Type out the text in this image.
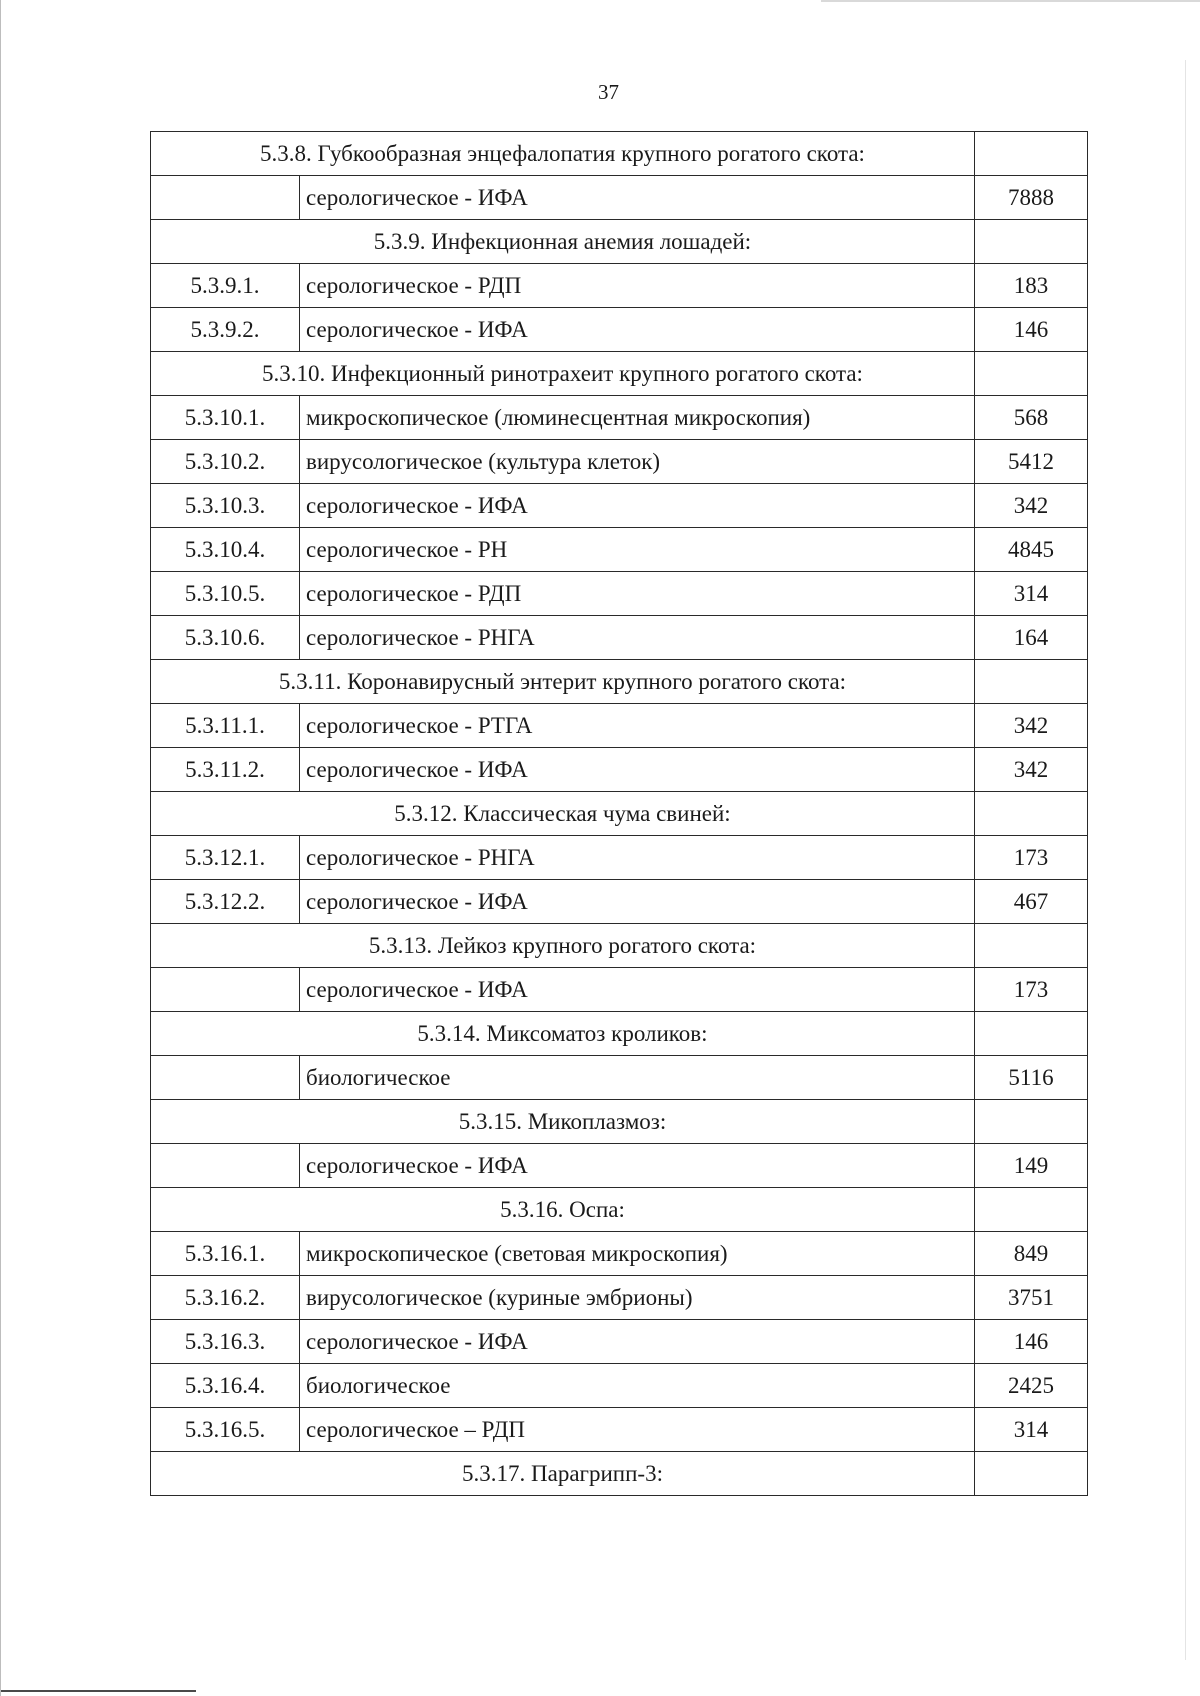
37
5.3.8. Губкообразная энцефалопатия крупного рогатого скота:		
	серологическое - ИФА	7888
5.3.9. Инфекционная анемия лошадей:		
5.3.9.1.	серологическое - РДП	183
5.3.9.2.	серологическое - ИФА	146
5.3.10. Инфекционный ринотрахеит крупного рогатого скота:		
5.3.10.1.	микроскопическое (люминесцентная микроскопия)	568
5.3.10.2.	вирусологическое (культура клеток)	5412
5.3.10.3.	серологическое - ИФА	342
5.3.10.4.	серологическое - РН	4845
5.3.10.5.	серологическое - РДП	314
5.3.10.6.	серологическое - РНГА	164
5.3.11. Коронавирусный энтерит крупного рогатого скота:		
5.3.11.1.	серологическое - РТГА	342
5.3.11.2.	серологическое - ИФА	342
5.3.12. Классическая чума свиней:		
5.3.12.1.	серологическое - РНГА	173
5.3.12.2.	серологическое - ИФА	467
5.3.13. Лейкоз крупного рогатого скота:		
	серологическое - ИФА	173
5.3.14. Миксоматоз кроликов:		
	биологическое	5116
5.3.15. Микоплазмоз:		
	серологическое - ИФА	149
5.3.16. Оспа:		
5.3.16.1.	микроскопическое (световая микроскопия)	849
5.3.16.2.	вирусологическое (куриные эмбрионы)	3751
5.3.16.3.	серологическое - ИФА	146
5.3.16.4.	биологическое	2425
5.3.16.5.	серологическое – РДП	314
5.3.17. Парагрипп-3:		
